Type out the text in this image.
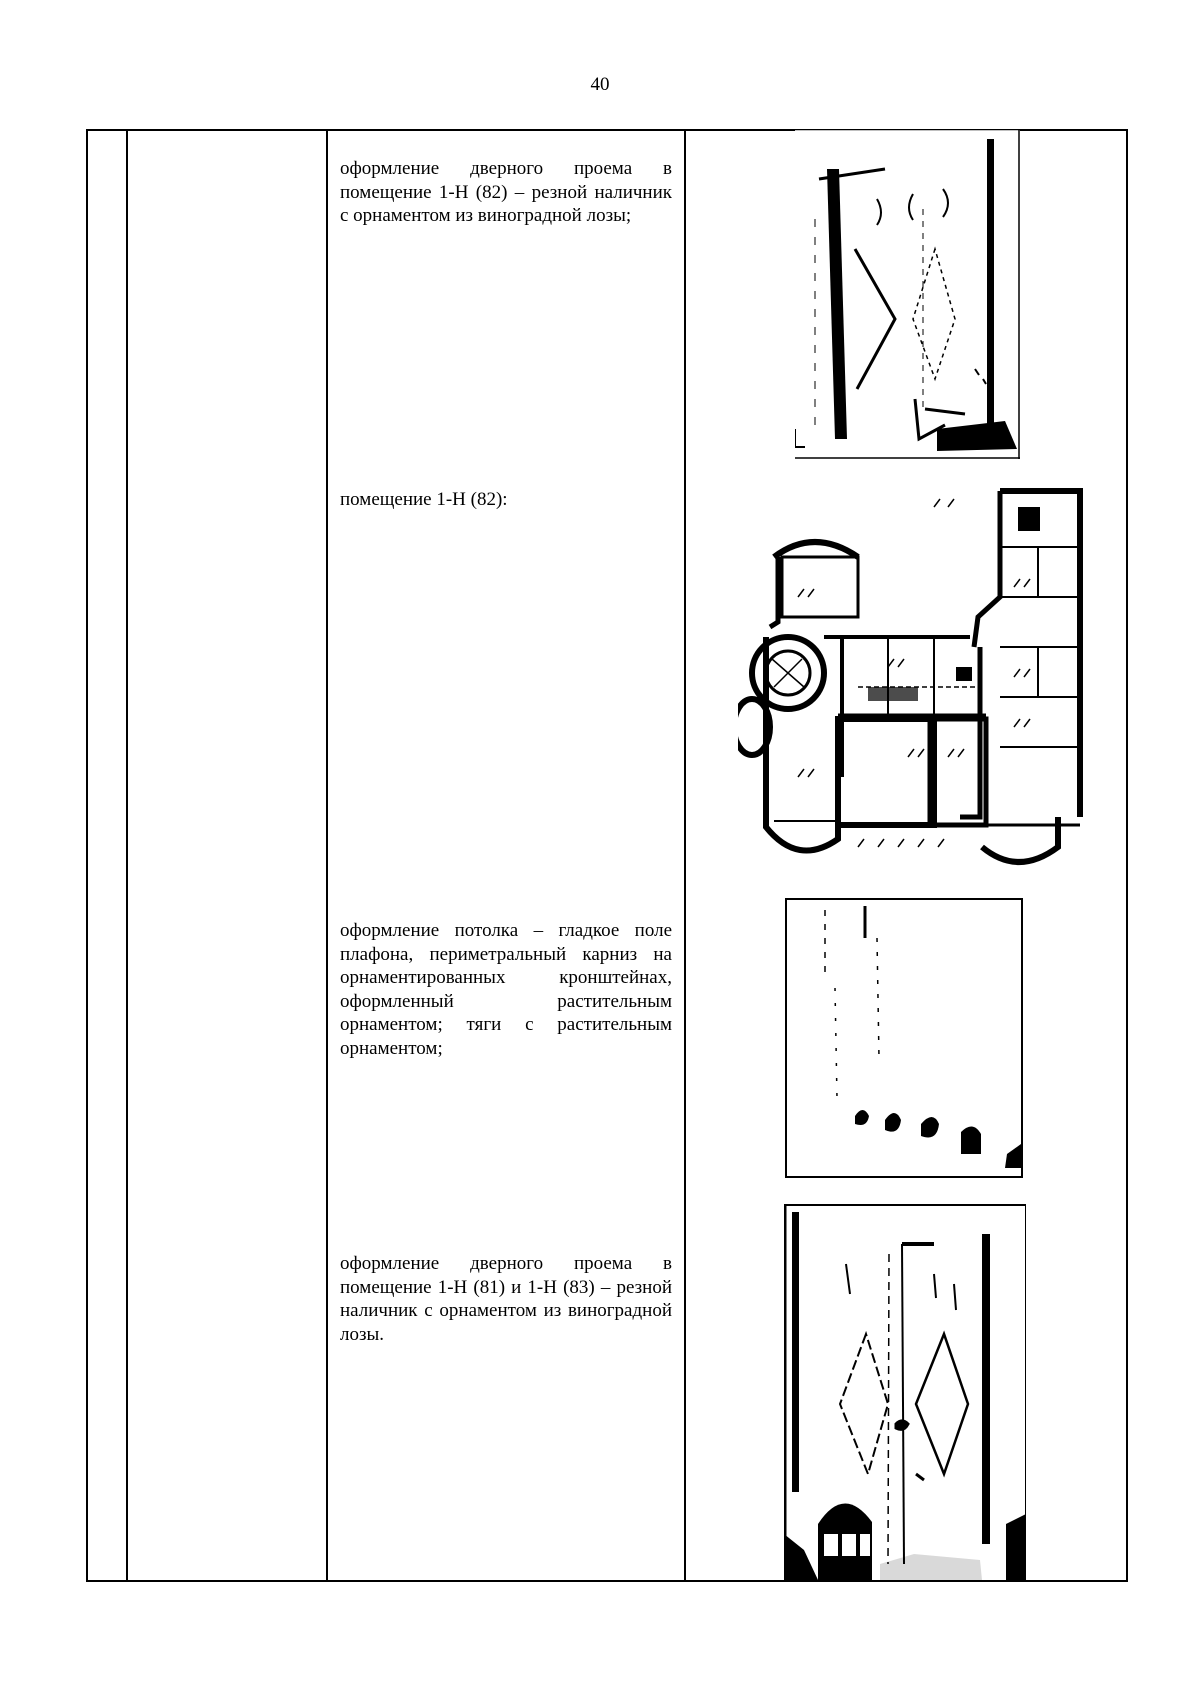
40
оформление дверного проема в помещение 1-Н (82) – резной наличник с орнаментом из виноградной лозы;
помещение 1-Н (82):
оформление потолка – гладкое поле плафона, периметральный карниз на орнаментированных кронштейнах, оформленный растительным орнаментом; тяги с растительным орнаментом;
оформление дверного проема в помещение 1-Н (81) и 1-Н (83) – резной наличник с орнаментом из виноградной лозы.
